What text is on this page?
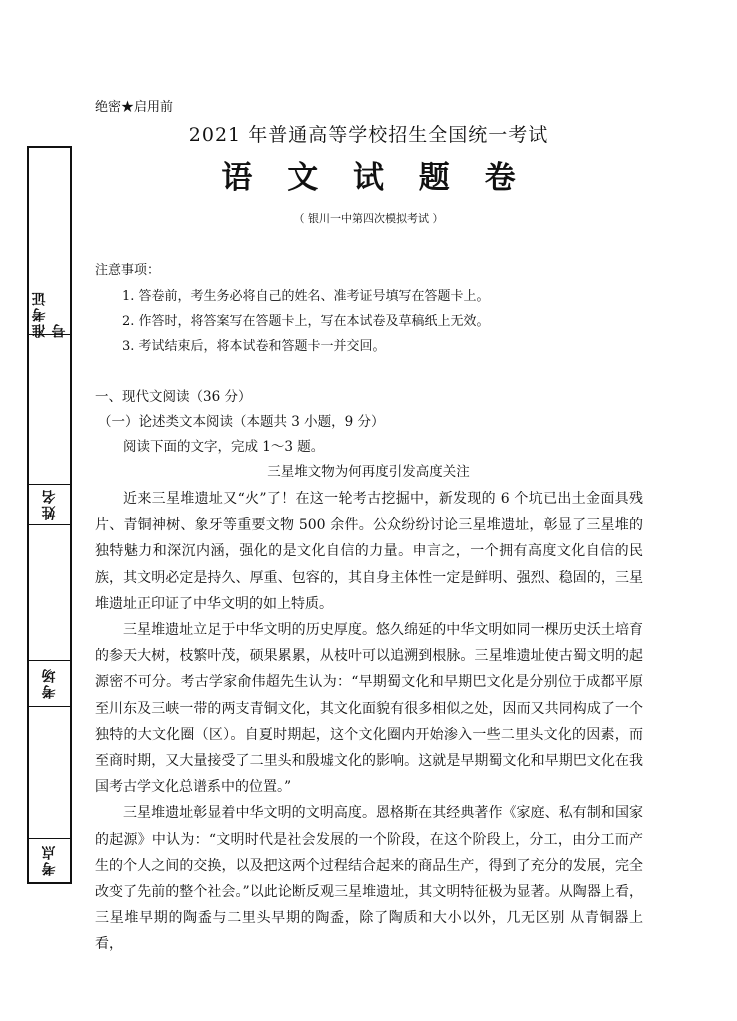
绝密★启用前
2021 年普通高等学校招生全国统一考试
语 文 试 题 卷
（ 银川一中第四次模拟考试 ）
准考证号
姓名
考场
考点
注意事项：
1. 答卷前，考生务必将自己的姓名、准考证号填写在答题卡上。
2. 作答时，将答案写在答题卡上，写在本试卷及草稿纸上无效。
3. 考试结束后，将本试卷和答题卡一并交回。
一、现代文阅读（36 分）
（一）论述类文本阅读（本题共 3 小题，9 分）
阅读下面的文字，完成 1～3 题。
三星堆文物为何再度引发高度关注

近来三星堆遗址又“火”了！在这一轮考古挖掘中，新发现的 6 个坑已出土金面具残片、青铜神树、象牙等重要文物 500 余件。公众纷纷讨论三星堆遗址，彰显了三星堆的独特魅力和深沉内涵，强化的是文化自信的力量。申言之，一个拥有高度文化自信的民族，其文明必定是持久、厚重、包容的，其自身主体性一定是鲜明、强烈、稳固的，三星堆遗址正印证了中华文明的如上特质。

三星堆遗址立足于中华文明的历史厚度。悠久绵延的中华文明如同一棵历史沃土培育的参天大树，枝繁叶茂，硕果累累，从枝叶可以追溯到根脉。三星堆遗址使古蜀文明的起源密不可分。考古学家俞伟超先生认为：“早期蜀文化和早期巴文化是分别位于成都平原至川东及三峡一带的两支青铜文化，其文化面貌有很多相似之处，因而又共同构成了一个独特的大文化圈（区）。自夏时期起，这个文化圈内开始渗入一些二里头文化的因素，而至商时期，又大量接受了二里头和殷墟文化的影响。这就是早期蜀文化和早期巴文化在我国考古学文化总谱系中的位置。”

三星堆遗址彰显着中华文明的文明高度。恩格斯在其经典著作《家庭、私有制和国家的起源》中认为：“文明时代是社会发展的一个阶段，在这个阶段上，分工，由分工而产生的个人之间的交换，以及把这两个过程结合起来的商品生产，得到了充分的发展，完全改变了先前的整个社会。”以此论断反观三星堆遗址，其文明特征极为显著。从陶器上看，三星堆早期的陶盉与二里头早期的陶盉，除了陶质和大小以外，几无区别 从青铜器上看，
